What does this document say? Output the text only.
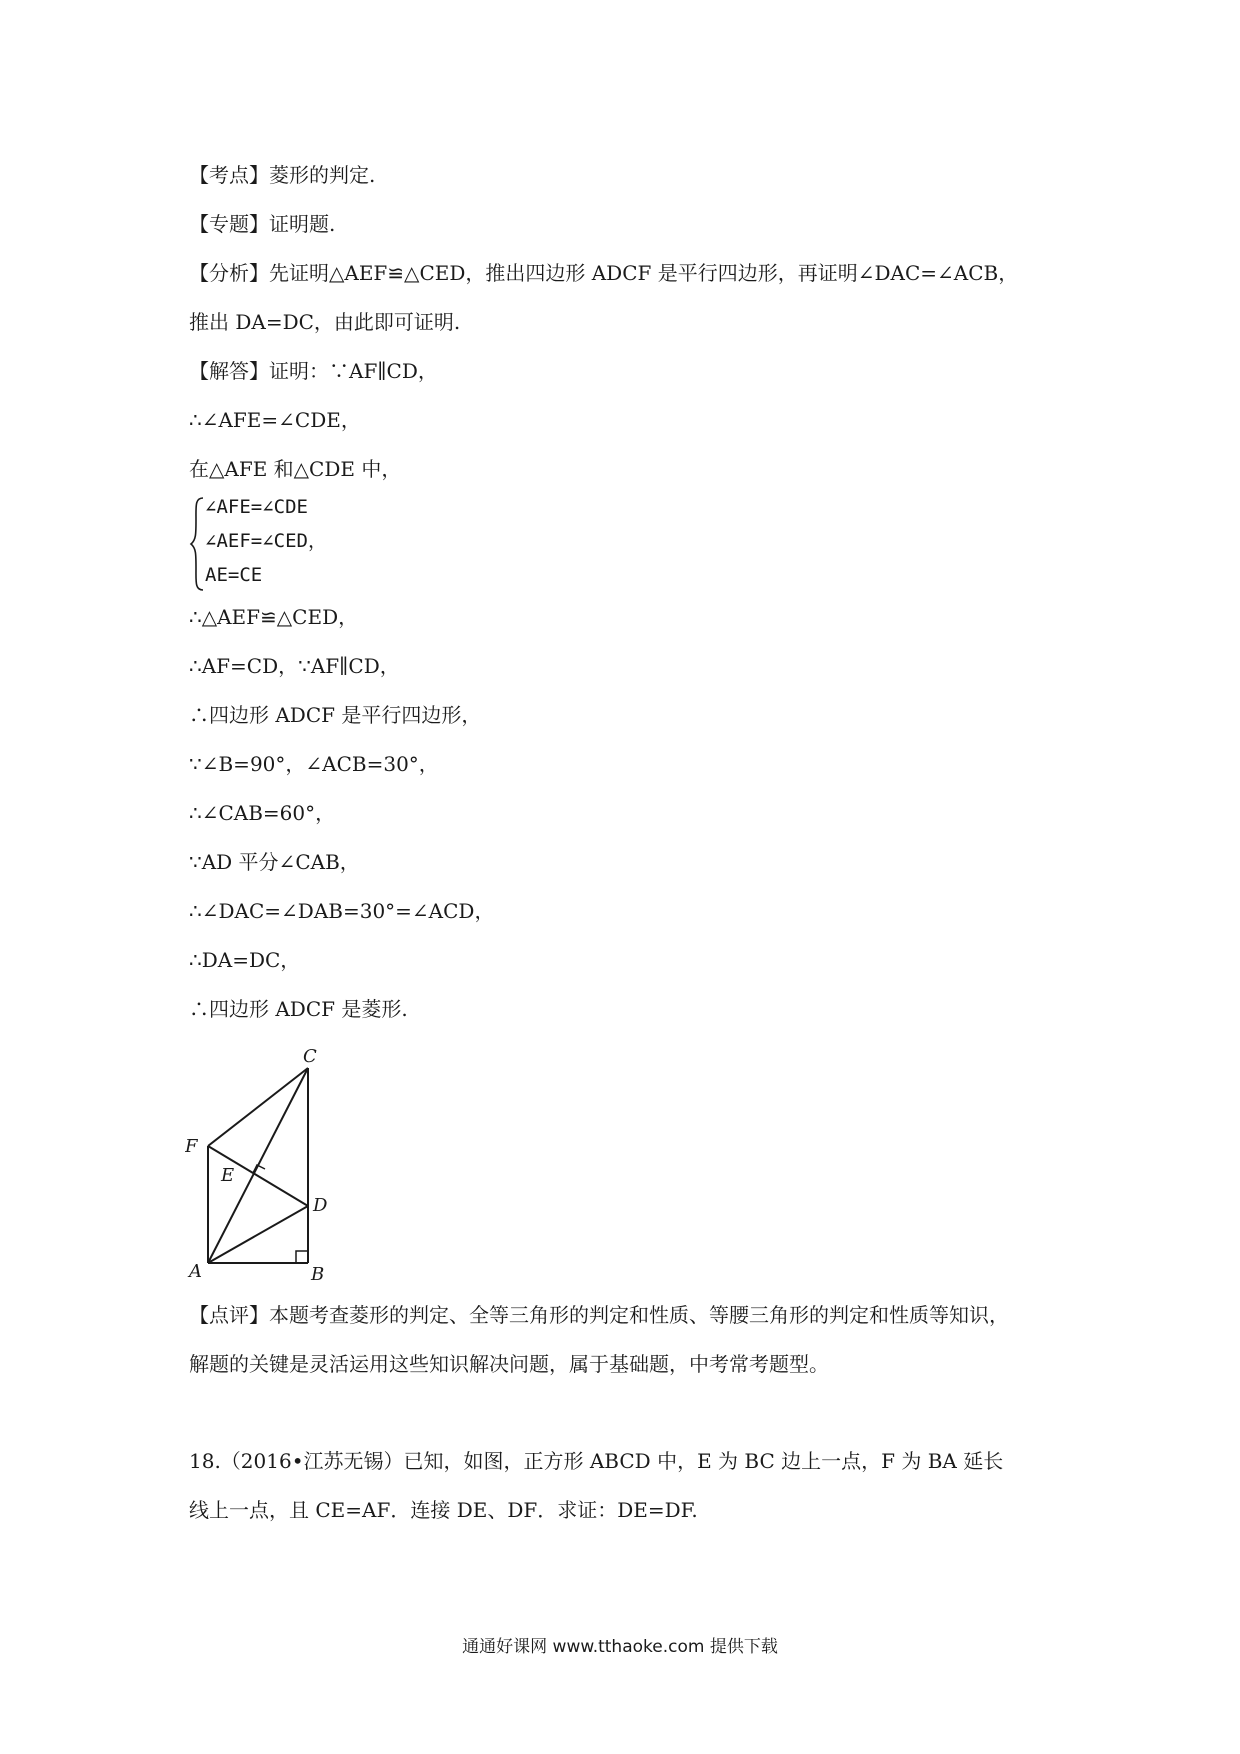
【考点】菱形的判定.
【专题】证明题.
【分析】先证明△AEF≌△CED，推出四边形 ADCF 是平行四边形，再证明∠DAC=∠ACB，
推出 DA=DC，由此即可证明.
【解答】证明：∵AF∥CD，
∴∠AFE=∠CDE，
在△AFE 和△CDE 中，
∠AFE=∠CDE
∠AEF=∠CED，
AE=CE
∴△AEF≌△CED，
∴AF=CD，∵AF∥CD，
∴四边形 ADCF 是平行四边形，
∵∠B=90°，∠ACB=30°，
∴∠CAB=60°，
∵AD 平分∠CAB，
∴∠DAC=∠DAB=30°=∠ACD，
∴DA=DC，
∴四边形 ADCF 是菱形.
C
F
E
D
A	B
【点评】本题考查菱形的判定、全等三角形的判定和性质、等腰三角形的判定和性质等知识，
解题的关键是灵活运用这些知识解决问题，属于基础题，中考常考题型。
18.（2016•江苏无锡）已知，如图，正方形 ABCD 中，E 为 BC 边上一点，F 为 BA 延长
线上一点，且 CE=AF．连接 DE、DF．求证：DE=DF.
通通好课网 www.tthaoke.com 提供下载
